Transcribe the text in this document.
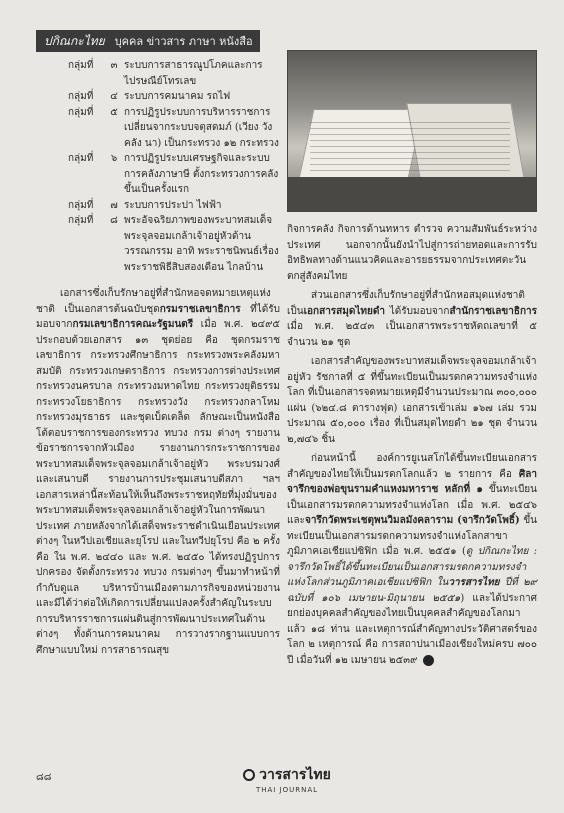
ปกิณกะไทย บุคคล ข่าวสาร ภาษา หนังสือ
กลุ่มที่	๓ ระบบการสาธารณูปโภคและการไปรษณีย์โทรเลข
กลุ่มที่	๔ ระบบการคมนาคม รถไฟ
กลุ่มที่	๕ การปฏิรูประบบการบริหารราชการ เปลี่ยนจากระบบจตุสดมภ์ (เวียง วัง คลัง นา) เป็นกระทรวง ๑๒ กระทรวง
กลุ่มที่	๖ การปฏิรูประบบเศรษฐกิจและระบบการคลังภาษาษี ตั้งกระทรวงการคลังขึ้นเป็นครั้งแรก
กลุ่มที่	๗ ระบบการประปา ไฟฟ้า
กลุ่มที่	๘ พระอัจฉริยภาพของพระบาทสมเด็จพระจุลจอมเกล้าเจ้าอยู่หัวด้านวรรณกรรม อาทิ พระราชนิพนธ์เรื่องพระราชพิธีสิบสองเดือน ไกลบ้าน

เอกสารซึ่งเก็บรักษาอยู่ที่สำนักหอจดหมายเหตุแห่งชาติ เป็นเอกสารต้นฉบับชุดกรมราชเลขาธิการ ที่ได้รับมอบจากกรมเลขาธิการคณะรัฐมนตรี เมื่อ พ.ศ. ๒๔๙๕ ประกอบด้วยเอกสาร ๑๓ ชุดย่อย คือ ชุดกรมราชเลขาธิการ กระทรวงศึกษาธิการ กระทรวงพระคลังมหาสมบัติ กระทรวงเกษตราธิการ กระทรวงการต่างประเทศ กระทรวงนครบาล กระทรวงมหาดไทย กระทรวงยุติธรรม กระทรวงโยธาธิการ กระทรวงวัง กระทรวงกลาโหม กระทรวงมุรธาธร และชุดเบ็ดเตล็ด ลักษณะเป็นหนังสือโต้ตอบราชการของกระทรวง ทบวง กรม ต่างๆ รายงานข้อราชการจากหัวเมือง รายงานการกระราชการของพระบาทสมเด็จพระจุลจอมเกล้าเจ้าอยู่หัว พระบรมวงศ์ และเสนาบดี รายงานการประชุมเสนาบดีสภา ฯลฯ เอกสารเหล่านี้สะท้อนให้เห็นถึงพระราชหฤทัยที่มุ่งมั่นของพระบาทสมเด็จพระจุลจอมเกล้าเจ้าอยู่หัวในการพัฒนาประเทศ ภายหลังจากได้เสด็จพระราชดำเนินเยือนประเทศต่างๆ ในหวีปเอเชียและยุโรป และในทวีปยุโรป คือ ๒ ครั้ง คือ ใน พ.ศ. ๒๔๔๐ และ พ.ศ. ๒๔๕๐ ได้ทรงปฏิรูปการปกครอง จัดตั้งกระทรวง ทบวง กรมต่างๆ ขึ้นมาทำหน้าที่กำกับดูแล บริหารบ้านเมืองตามภารกิจของหน่วยงาน และมีได้ว่าต่อให้เกิดการเปลี่ยนแปลงครั้งสำคัญในระบบการบริหารราชการแผ่นดินสู่การพัฒนาประเทศในด้านต่างๆ ทั้งด้านการคมนาคม การวางรากฐานแบบการศึกษาแบบใหม่ การสาธารณสุข

กิจการคลัง กิจการด้านทหาร ตำรวจ ความสัมพันธ์ระหว่างประเทศ นอกจากนั้นยังนำไปสู่การถ่ายทอดและการรับอิทธิพลทางด้านแนวคิดและอารยธรรมจากประเทศตะวันตกสู่สังคมไทย

ส่วนเอกสารซึ่งเก็บรักษาอยู่ที่สำนักหอสมุดแห่งชาติ เป็นเอกสารสมุดไทยดำ ได้รับมอบจากสำนักราชเลขาธิการ เมื่อ พ.ศ. ๒๕๔๓ เป็นเอกสารพระราชหัตถเลขาที่ ๕ จำนวน ๒๑ ชุด

เอกสารสำคัญของพระบาทสมเด็จพระจุลจอมเกล้าเจ้าอยู่หัว รัชกาลที่ ๕ ที่ขึ้นทะเบียนเป็นมรดกความทรงจำแห่งโลก ที่เป็นเอกสารจดหมายเหตุมีจำนวนประมาณ ๓๐๐,๐๐๐ แผ่น (๖๒๔.๘ ตารางฟุต) เอกสารเข้าเล่ม ๑๖๗ เล่ม รวมประมาณ ๕๐,๐๐๐ เรื่อง ที่เป็นสมุดไทยดำ ๒๑ ชุด จำนวน ๒,๗๔๖ ชิ้น

ก่อนหน้านี้ องค์การยูเนสโกได้ขึ้นทะเบียนเอกสารสำคัญของไทยให้เป็นมรดกโลกแล้ว ๒ รายการ คือ ศิลาจารึกของพ่อขุนรามคำแหงมหาราช หลักที่ ๑ ขึ้นทะเบียนเป็นเอกสารมรดกความทรงจำแห่งโลก เมื่อ พ.ศ. ๒๕๔๖ และจารึกวัดพระเชตุพนวิมลมังคลาราม (จารึกวัดโพธิ์) ขึ้นทะเบียนเป็นเอกสารมรดกความทรงจำแห่งโลกสาขาภูมิภาคเอเชียแปซิฟิก เมื่อ พ.ศ. ๒๕๕๑ (ดู ปกิณกะไทย : จารึกวัดโพธิ์ได้ขึ้นทะเบียนเป็นเอกสารมรดกความทรงจำแห่งโลกส่วนภูมิภาคเอเชียแปซิฟิก ในวารสารไทย ปีที่ ๒๙ ฉบับที่ ๑๐๖ เมษายน-มิถุนายน ๒๕๕๑) และได้ประกาศยกย่องบุคคลสำคัญของไทยเป็นบุคคลสำคัญของโลกมาแล้ว ๑๘ ท่าน และเหตุการณ์สำคัญทางประวัติศาสตร์ของโลก ๒ เหตุการณ์ คือ การสถาปนาเมืองเชียงใหม่ครบ ๗๐๐ ปี เมื่อวันที่ ๑๒ เมษายน ๒๕๓๙

๘๘	วารสารไทย
THAI JOURNAL
